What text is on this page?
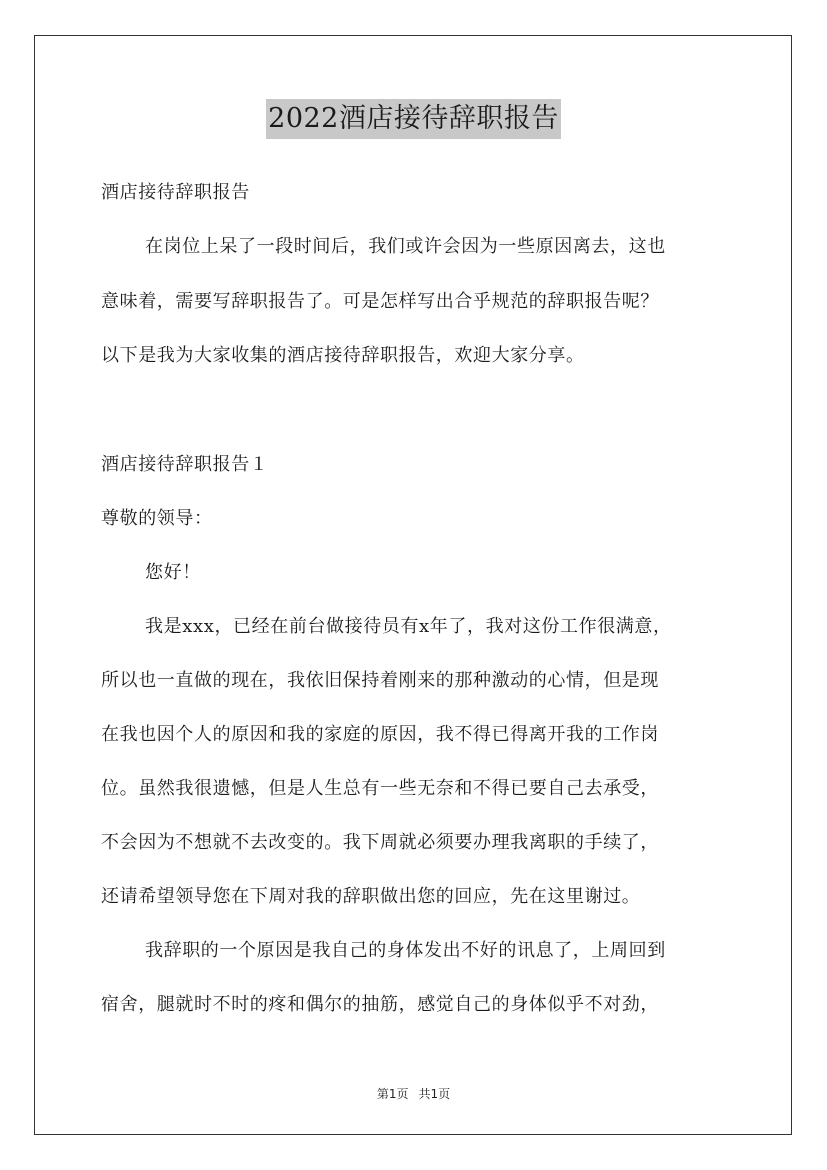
2022酒店接待辞职报告
酒店接待辞职报告
在岗位上呆了一段时间后，我们或许会因为一些原因离去，这也
意味着，需要写辞职报告了。可是怎样写出合乎规范的辞职报告呢？
以下是我为大家收集的酒店接待辞职报告，欢迎大家分享。
酒店接待辞职报告１
尊敬的领导：
您好！
我是xxx，已经在前台做接待员有x年了，我对这份工作很满意，
所以也一直做的现在，我依旧保持着刚来的那种激动的心情，但是现
在我也因个人的原因和我的家庭的原因，我不得已得离开我的工作岗
位。虽然我很遗憾，但是人生总有一些无奈和不得已要自己去承受，
不会因为不想就不去改变的。我下周就必须要办理我离职的手续了，
还请希望领导您在下周对我的辞职做出您的回应，先在这里谢过。
我辞职的一个原因是我自己的身体发出不好的讯息了，上周回到
宿舍，腿就时不时的疼和偶尔的抽筋，感觉自己的身体似乎不对劲，
第1页 共1页
